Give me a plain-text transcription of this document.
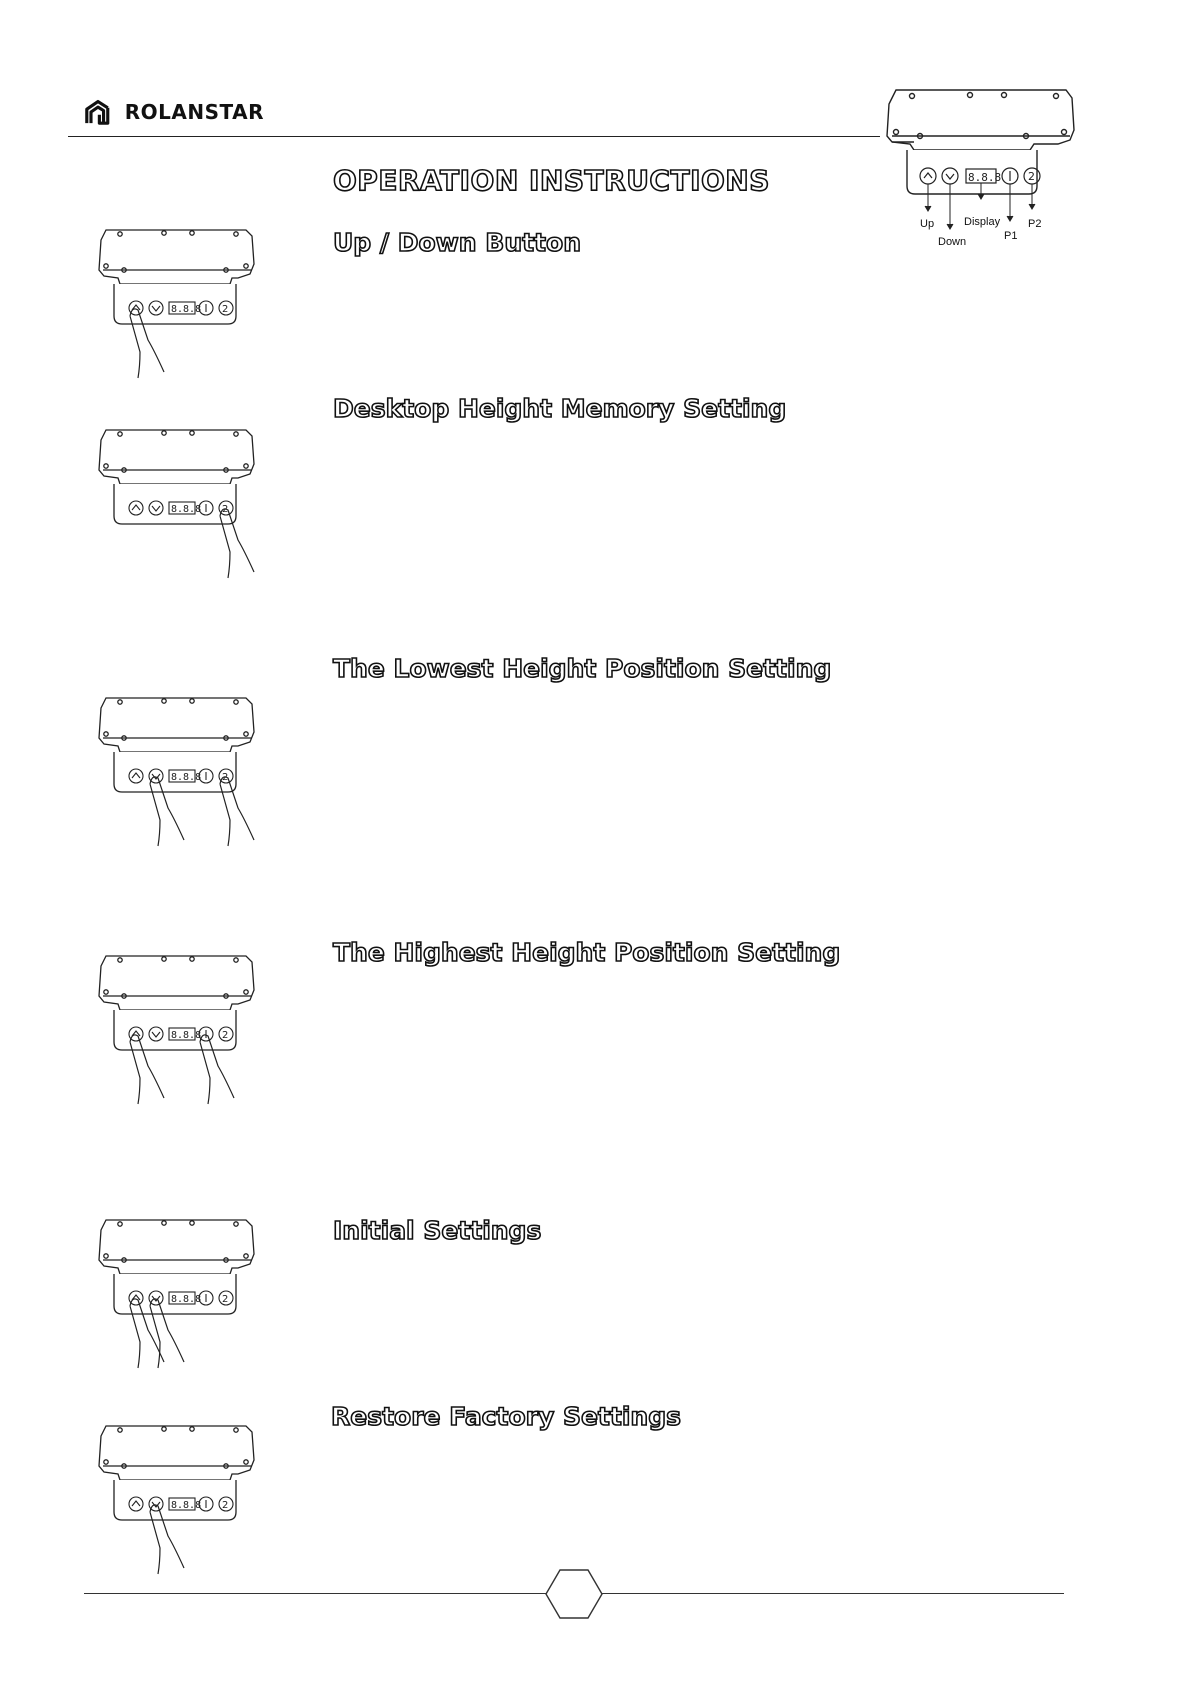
ROLANSTAR
8.8.8 2
Up
Down
Display
P1
P2
OPERATION INSTRUCTIONS
Up / Down Button
Desktop Height Memory Setting
The Lowest Height Position Setting
The Highest Height Position Setting
Initial Settings
Restore Factory Settings
8.8.8 2
8.8.8 2
8.8.8 2
8.8.8 2
8.8.8 2
8.8.8 2
